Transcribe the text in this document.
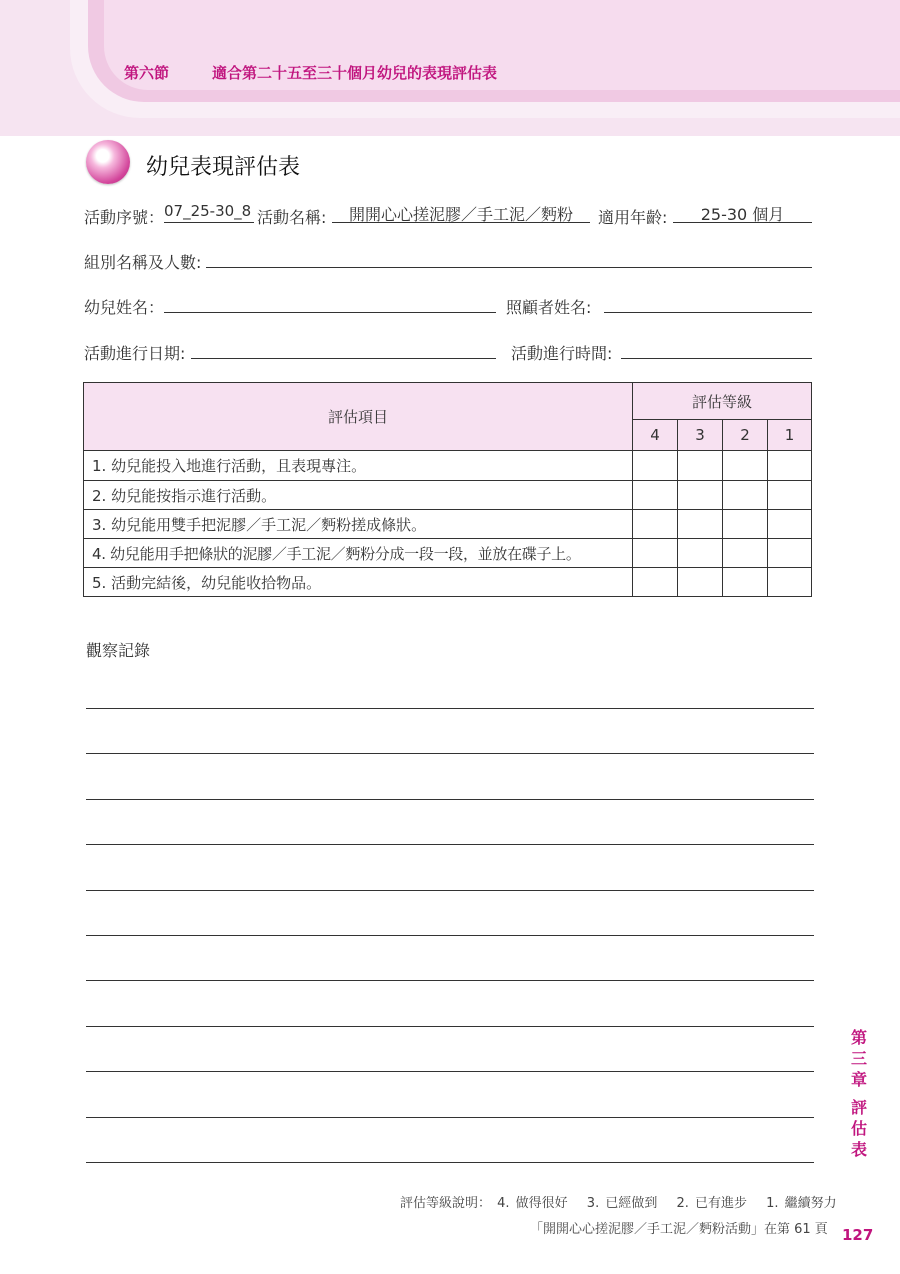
第六節	適合第二十五至三十個月幼兒的表現評估表
幼兒表現評估表
活動序號： 07_25-30_8 活動名稱:	開開心心搓泥膠／手工泥／麪粉	適用年齡:	25-30 個月
組別名稱及人數:
幼兒姓名：	照顧者姓名:
活動進行日期:	活動進行時間:
評估項目	評估等級			
	4	3	2	1
1. 幼兒能投入地進行活動，且表現專注。				
2. 幼兒能按指示進行活動。				
3. 幼兒能用雙手把泥膠／手工泥／麪粉搓成條狀。				
4. 幼兒能用手把條狀的泥膠／手工泥／麪粉分成一段一段，並放在碟子上。				
5. 活動完結後，幼兒能收拾物品。				
觀察記錄
第
三
章
評
估
表
評估等級說明： 4. 做得很好　 3. 已經做到　 2. 已有進步　 1. 繼續努力
「開開心心搓泥膠／手工泥／麪粉活動」在第 61 頁 127
